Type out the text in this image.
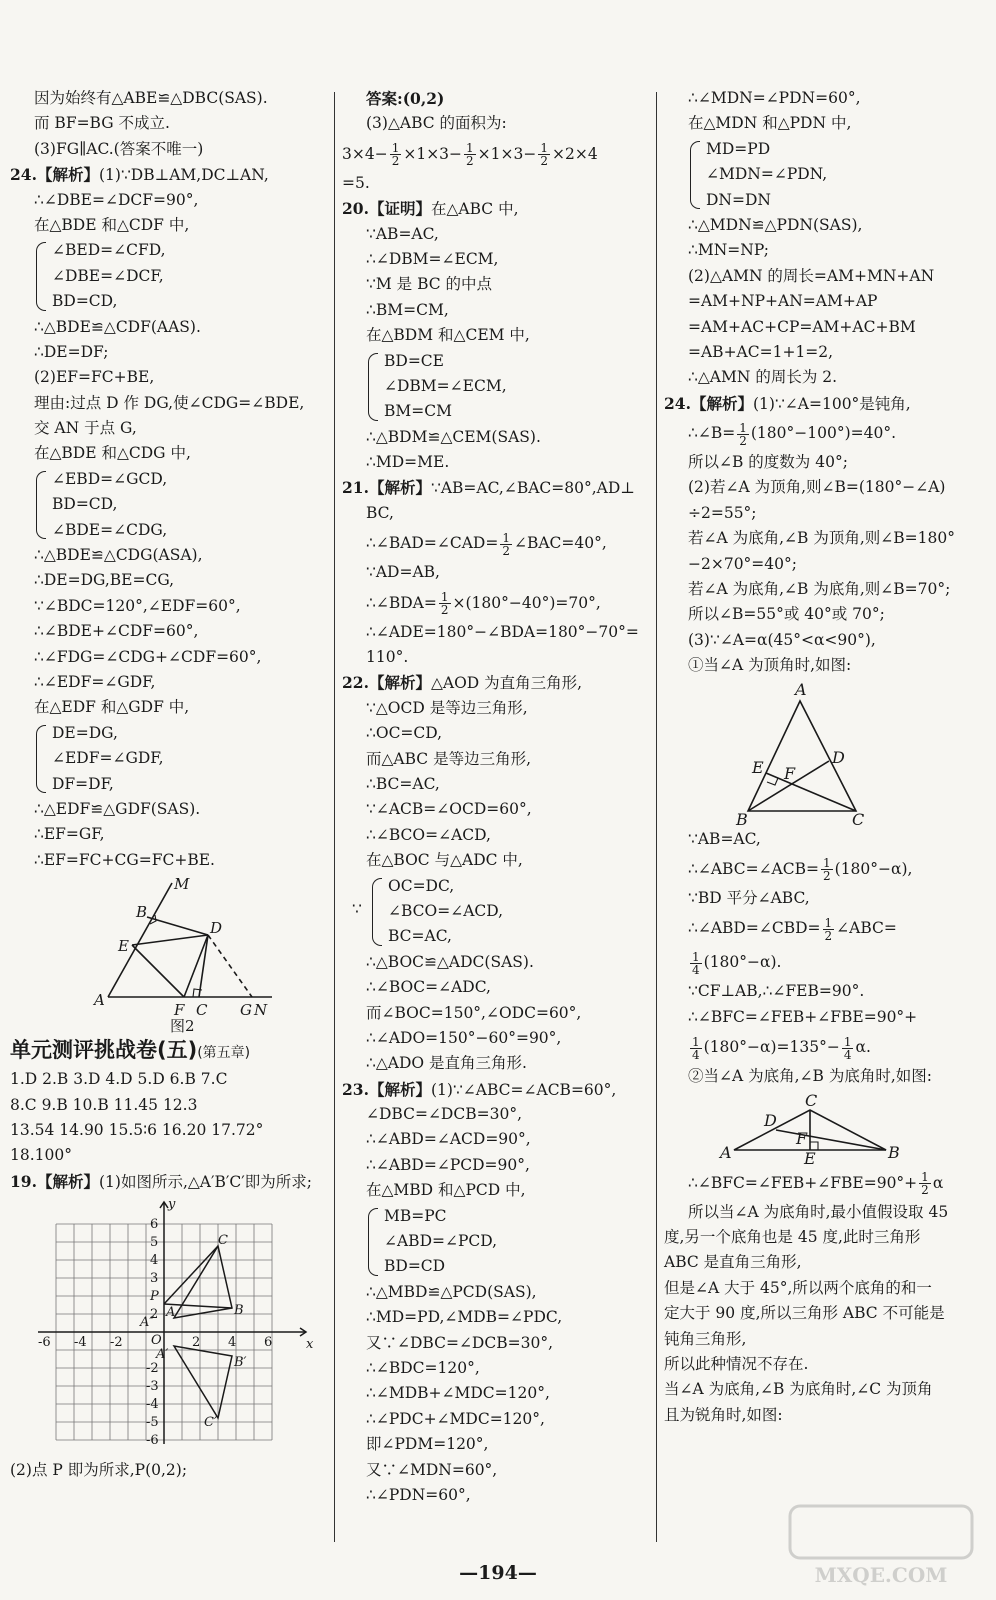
因为始终有△ABE≌△DBC(SAS).
而 BF=BG 不成立.
(3)FG∥AC.(答案不唯一)
24.【解析】(1)∵DB⊥AM,DC⊥AN,
∴∠DBE=∠DCF=90°,
在△BDE 和△CDF 中,
∠BED=∠CFD,
∠DBE=∠DCF,
BD=CD,
∴△BDE≌△CDF(AAS).
∴DE=DF;
(2)EF=FC+BE,
理由:过点 D 作 DG,使∠CDG=∠BDE,
交 AN 于点 G,
在△BDE 和△CDG 中,
∠EBD=∠GCD,
BD=CD,
∠BDE=∠CDG,
∴△BDE≌△CDG(ASA),
∴DE=DG,BE=CG,
∵∠BDC=120°,∠EDF=60°,
∴∠BDE+∠CDF=60°,
∴∠FDG=∠CDG+∠CDF=60°,
∴∠EDF=∠GDF,
在△EDF 和△GDF 中,
DE=DG,
∠EDF=∠GDF,
DF=DF,
∴△EDF≌△GDF(SAS).
∴EF=GF,
∴EF=FC+CG=FC+BE.
M
B
E
D
A
F C G N
图2
单元测评挑战卷(五)(第五章)
1.D 2.B 3.D 4.D 5.D 6.B 7.C
8.C 9.B 10.B 11.45 12.3
13.54 14.90 15.5∶6 16.20 17.72°
18.100°
19.【解析】(1)如图所示,△A′B′C′即为所求;
y
x
O
C
P
B
A
A″
A′
B′
C′
-6 -4 -2	2 4 6
6
5
4
3
2
-2
-3
-4
-5
-6
(2)点 P 即为所求,P(0,2);
答案:(0,2)
(3)△ABC 的面积为:
$3\times 4- \frac{1}{2} \times 1\times 3- \frac{1}{2} \times 1\times 3- \frac{1}{2} \times 2\times 4$
=5.
20.【证明】在△ABC 中,
∵AB=AC,
∴∠DBM=∠ECM,
∵M 是 BC 的中点
∴BM=CM,
在△BDM 和△CEM 中,
BD=CE
∠DBM=∠ECM,
BM=CM
∴△BDM≌△CEM(SAS).
∴MD=ME.
21.【解析】∵AB=AC,∠BAC=80°,AD⊥
BC,
∴∠BAD=∠CAD= $\frac{1}{2}$ ∠BAC=40°,
∵AD=AB,
∴∠BDA= $\frac{1}{2} \times(180^\circ-40^\circ)=70^\circ$,
∴∠ADE=180°−∠BDA=180°−70°=
110°.
22.【解析】△AOD 为直角三角形,
∵△OCD 是等边三角形,
∴OC=CD,
而△ABC 是等边三角形,
∴BC=AC,
∵∠ACB=∠OCD=60°,
∴∠BCO=∠ACD,
在△BOC 与△ADC 中,
∵
OC=DC,
∠BCO=∠ACD,
BC=AC,
∴△BOC≌△ADC(SAS).
∴∠BOC=∠ADC,
而∠BOC=150°,∠ODC=60°,
∴∠ADO=150°−60°=90°,
∴△ADO 是直角三角形.
23.【解析】(1)∵∠ABC=∠ACB=60°,
∠DBC=∠DCB=30°,
∴∠ABD=∠ACD=90°,
∴∠ABD=∠PCD=90°,
在△MBD 和△PCD 中,
MB=PC
∠ABD=∠PCD,
BD=CD
∴△MBD≌△PCD(SAS),
∴MD=PD,∠MDB=∠PDC,
又∵∠DBC=∠DCB=30°,
∴∠BDC=120°,
∴∠MDB+∠MDC=120°,
∴∠PDC+∠MDC=120°,
即∠PDM=120°,
又∵∠MDN=60°,
∴∠PDN=60°,
∴∠MDN=∠PDN=60°,
在△MDN 和△PDN 中,
MD=PD
∠MDN=∠PDN,
DN=DN
∴△MDN≌△PDN(SAS),
∴MN=NP;
(2)△AMN 的周长=AM+MN+AN
=AM+NP+AN=AM+AP
=AM+AC+CP=AM+AC+BM
=AB+AC=1+1=2,
∴△AMN 的周长为 2.
24.【解析】(1)∵∠A=100°是钝角,
∴∠B= $\frac{1}{2} (180^\circ-100^\circ)=40^\circ$.
所以∠B 的度数为 40°;
(2)若∠A 为顶角,则∠B=(180°−∠A)
÷2=55°;
若∠A 为底角,∠B 为顶角,则∠B=180°
−2×70°=40°;
若∠A 为底角,∠B 为底角,则∠B=70°;
所以∠B=55°或 40°或 70°;
(3)∵∠A=α(45°<α<90°),
①当∠A 为顶角时,如图:
A
D
E F
B	C
∵AB=AC,
∴∠ABC=∠ACB= $\frac{1}{2} (180^\circ-\alpha)$,
∵BD 平分∠ABC,
∴∠ABD=∠CBD= $\frac{1}{2}$ ∠ABC=
$\frac{1}{4} (180^\circ-\alpha)$.
∵CF⊥AB,∴∠FEB=90°.
∴∠BFC=∠FEB+∠FBE=90°+
$\frac{1}{4} (180^\circ-\alpha)=135^\circ- \frac{1}{4} \alpha$.
②当∠A 为底角,∠B 为底角时,如图:
C
D
F
A	E	B
∴∠BFC=∠FEB+∠FBE=90°+ $\frac{1}{2}$ α
所以当∠A 为底角时,最小值假设取 45
度,另一个底角也是 45 度,此时三角形
ABC 是直角三角形,
但是∠A 大于 45°,所以两个底角的和一
定大于 90 度,所以三角形 ABC 不可能是
钝角三角形,
所以此种情况不存在.
当∠A 为底角,∠B 为底角时,∠C 为顶角
且为锐角时,如图:
—194—	MXQE.COM
